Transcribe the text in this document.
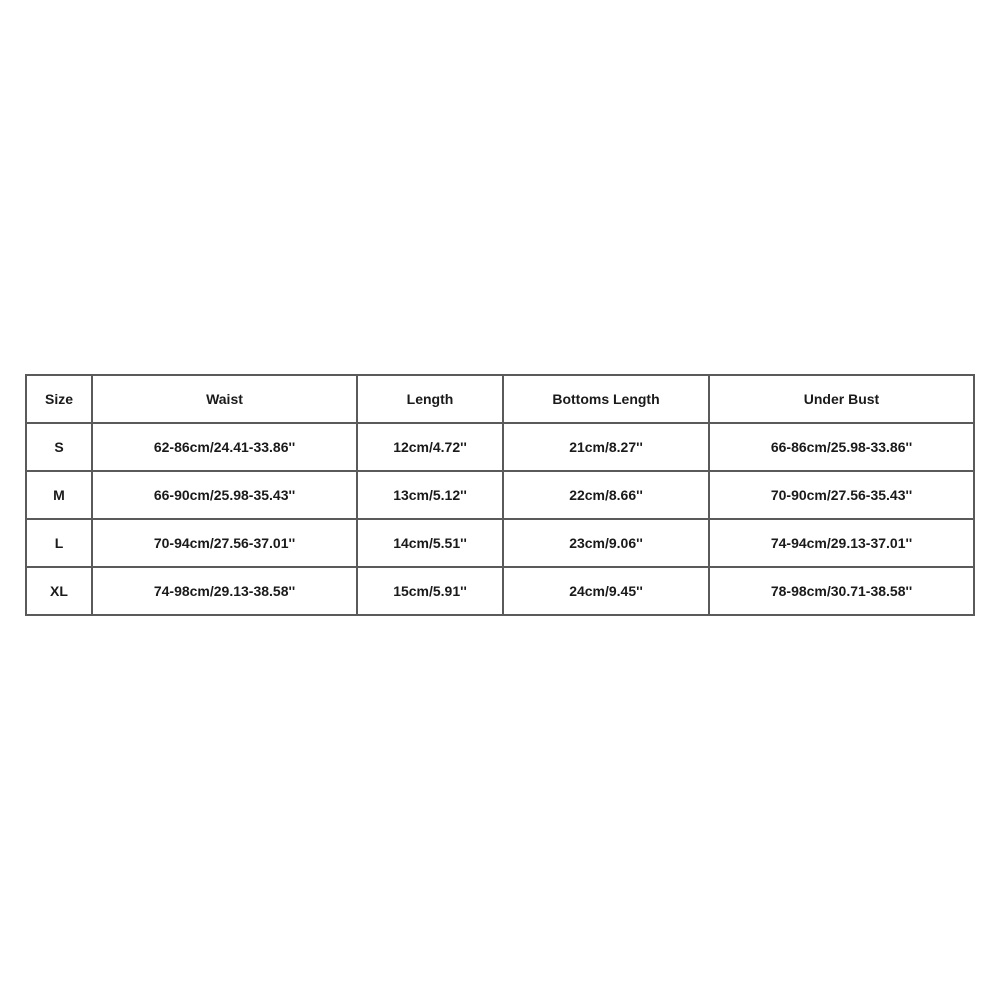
Size	Waist	Length	Bottoms Length	Under Bust
S	62-86cm/24.41-33.86''	12cm/4.72''	21cm/8.27''	66-86cm/25.98-33.86''
M	66-90cm/25.98-35.43''	13cm/5.12''	22cm/8.66''	70-90cm/27.56-35.43''
L	70-94cm/27.56-37.01''	14cm/5.51''	23cm/9.06''	74-94cm/29.13-37.01''
XL	74-98cm/29.13-38.58''	15cm/5.91''	24cm/9.45''	78-98cm/30.71-38.58''
